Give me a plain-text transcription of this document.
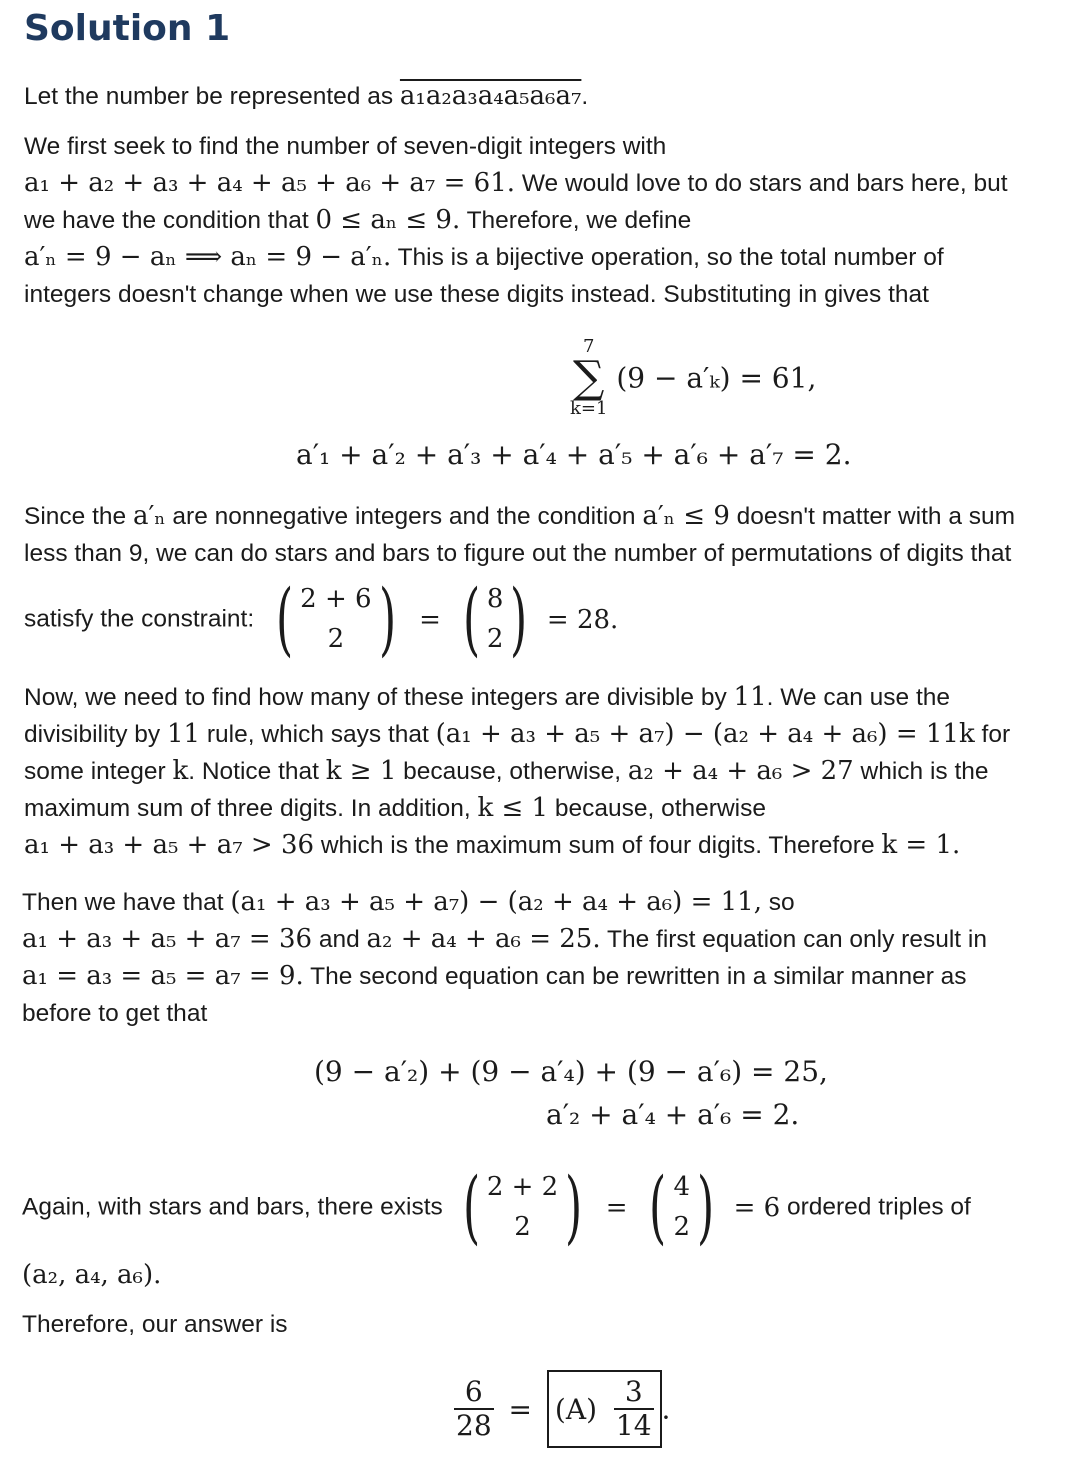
Solution 1
Let the number be represented as a₁a₂a₃a₄a₅a₆a₇.
We first seek to find the number of seven-digit integers with
a₁ + a₂ + a₃ + a₄ + a₅ + a₆ + a₇ = 61. We would love to do stars and bars here, but
we have the condition that 0 ≤ aₙ ≤ 9. Therefore, we define
a′ₙ = 9 − aₙ ⟹ aₙ = 9 − a′ₙ. This is a bijective operation, so the total number of
integers doesn't change when we use these digits instead. Substituting in gives that
7
∑
k=1
(9 − a′ₖ) = 61,
a′₁ + a′₂ + a′₃ + a′₄ + a′₅ + a′₆ + a′₇ = 2.
Since the a′ₙ are nonnegative integers and the condition a′ₙ ≤ 9 doesn't matter with a sum
less than 9, we can do stars and bars to figure out the number of permutations of digits that
satisfy the constraint: ( 2 + 6
2 ) = ( 8
2) = 28.
Now, we need to find how many of these integers are divisible by 11. We can use the
divisibility by 11 rule, which says that (a₁ + a₃ + a₅ + a₇) − (a₂ + a₄ + a₆) = 11k for
some integer k. Notice that k ≥ 1 because, otherwise, a₂ + a₄ + a₆ > 27 which is the
maximum sum of three digits. In addition, k ≤ 1 because, otherwise
a₁ + a₃ + a₅ + a₇ > 36 which is the maximum sum of four digits. Therefore k = 1.
Then we have that (a₁ + a₃ + a₅ + a₇) − (a₂ + a₄ + a₆) = 11, so
a₁ + a₃ + a₅ + a₇ = 36 and a₂ + a₄ + a₆ = 25. The first equation can only result in
a₁ = a₃ = a₅ = a₇ = 9. The second equation can be rewritten in a similar manner as
before to get that
(9 − a′₂) + (9 − a′₄) + (9 − a′₆) = 25,
a′₂ + a′₄ + a′₆ = 2.
Again, with stars and bars, there exists ( 2 + 2
2 ) = ( 4
2) = 6 ordered triples of
(a₂, a₄, a₆).
Therefore, our answer is
$\frac{6}{28} = (A) \frac{3}{14}$ .
